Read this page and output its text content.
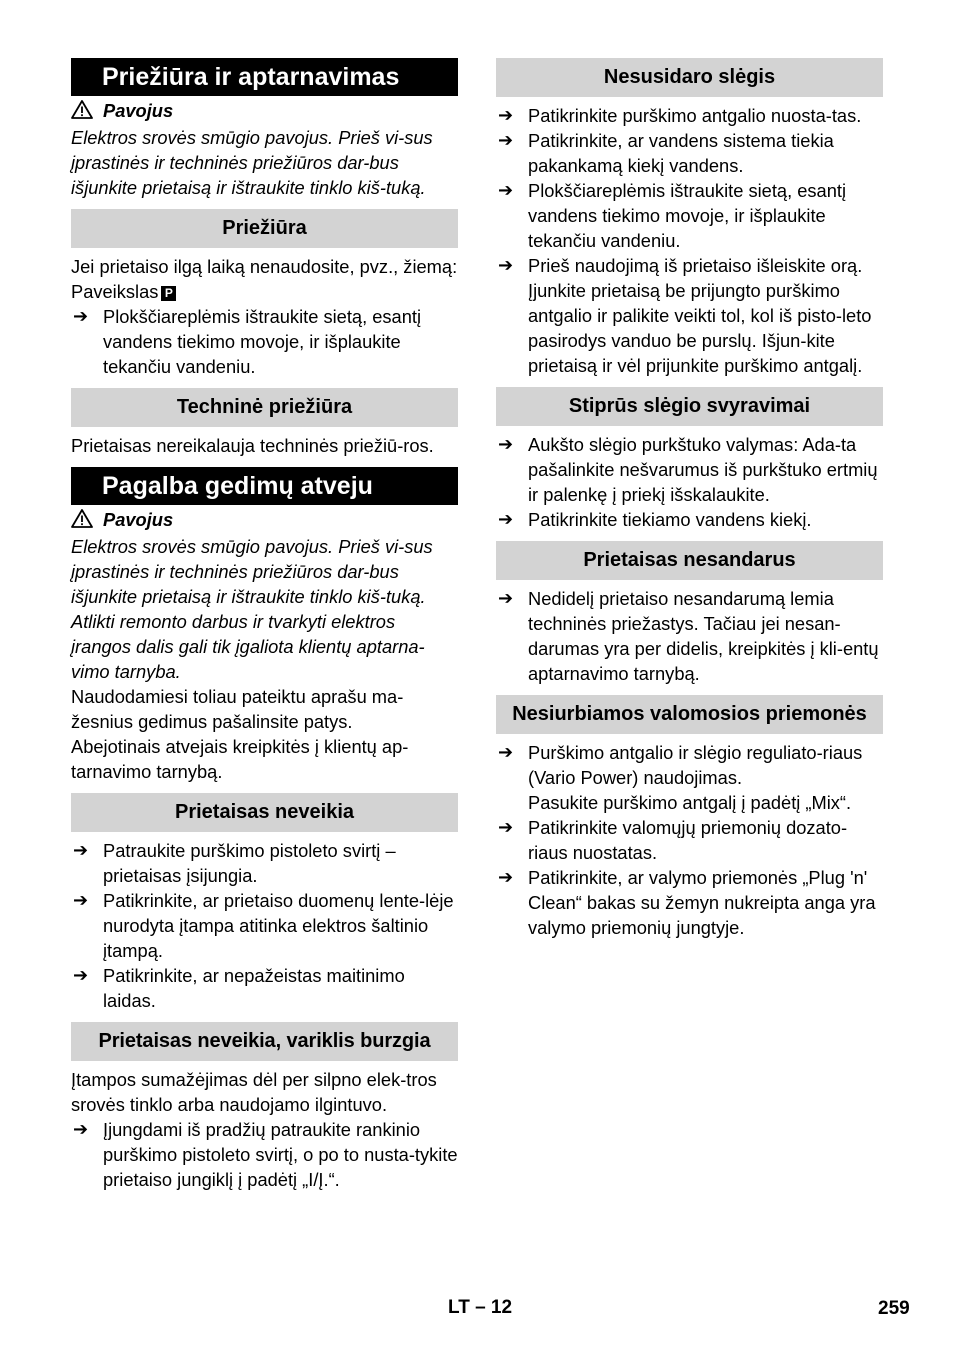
Priežiūra ir aptarnavimas
Pavojus
Elektros srovės smūgio pavojus. Prieš vi-sus įprastinės ir techninės priežiūros dar-bus išjunkite prietaisą ir ištraukite tinklo kiš-tuką.
Priežiūra
Jei prietaiso ilgą laiką nenaudosite, pvz., žiemą:
Paveikslas P
➔ Plokščiareplėmis ištraukite sietą, esantį vandens tiekimo movoje, ir išplaukite tekančiu vandeniu.
Techninė priežiūra
Prietaisas nereikalauja techninės priežiū-ros.
Pagalba gedimų atveju
Pavojus
Elektros srovės smūgio pavojus. Prieš vi-sus įprastinės ir techninės priežiūros dar-bus išjunkite prietaisą ir ištraukite tinklo kiš-tuką.
Atlikti remonto darbus ir tvarkyti elektros įrangos dalis gali tik įgaliota klientų aptarna-vimo tarnyba.
Naudodamiesi toliau pateiktu aprašu ma-žesnius gedimus pašalinsite patys.
Abejotinais atvejais kreipkitės į klientų ap-tarnavimo tarnybą.
Prietaisas neveikia
➔ Patraukite purškimo pistoleto svirtį – prietaisas įsijungia.
➔ Patikrinkite, ar prietaiso duomenų lente-lėje nurodyta įtampa atitinka elektros šaltinio įtampą.
➔ Patikrinkite, ar nepažeistas maitinimo laidas.
Prietaisas neveikia, variklis burzgia
Įtampos sumažėjimas dėl per silpno elek-tros srovės tinklo arba naudojamo ilgintuvo.
➔ Įjungdami iš pradžių patraukite rankinio purškimo pistoleto svirtį, o po to nusta-tykite prietaiso jungiklį į padėtį „I/Į.“.
Nesusidaro slėgis
➔ Patikrinkite purškimo antgalio nuosta-tas.
➔ Patikrinkite, ar vandens sistema tiekia pakankamą kiekį vandens.
➔ Plokščiareplėmis ištraukite sietą, esantį vandens tiekimo movoje, ir išplaukite tekančiu vandeniu.
➔ Prieš naudojimą iš prietaiso išleiskite orą.
Įjunkite prietaisą be prijungto purškimo antgalio ir palikite veikti tol, kol iš pisto-leto pasirodys vanduo be purslų. Išjun-kite prietaisą ir vėl prijunkite purškimo antgalį.
Stiprūs slėgio svyravimai
➔ Aukšto slėgio purkštuko valymas: Ada-ta pašalinkite nešvarumus iš purkštuko ertmių ir palenkę į priekį išskalaukite.
➔ Patikrinkite tiekiamo vandens kiekį.
Prietaisas nesandarus
➔ Nedidelį prietaiso nesandarumą lemia techninės priežastys. Tačiau jei nesan-darumas yra per didelis, kreipkitės į kli-entų aptarnavimo tarnybą.
Nesiurbiamos valomosios priemonės
➔ Purškimo antgalio ir slėgio reguliato-riaus (Vario Power) naudojimas.
Pasukite purškimo antgalį į padėtį „Mix“.
➔ Patikrinkite valomųjų priemonių dozato-riaus nuostatas.
➔ Patikrinkite, ar valymo priemonės „Plug 'n' Clean“ bakas su žemyn nukreipta anga yra valymo priemonių jungtyje.
LT – 12	259
